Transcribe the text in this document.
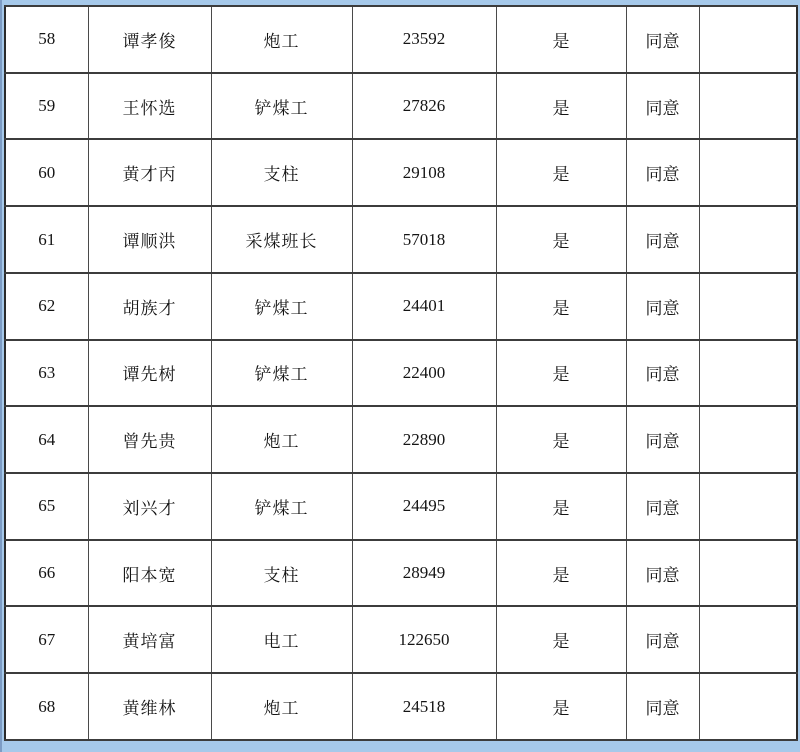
58	谭孝俊	炮工	23592	是	同意	
59	王怀选	铲煤工	27826	是	同意	
60	黄才丙	支柱	29108	是	同意	
61	谭顺洪	采煤班长	57018	是	同意	
62	胡族才	铲煤工	24401	是	同意	
63	谭先树	铲煤工	22400	是	同意	
64	曾先贵	炮工	22890	是	同意	
65	刘兴才	铲煤工	24495	是	同意	
66	阳本宽	支柱	28949	是	同意	
67	黄培富	电工	122650	是	同意	
68	黄维林	炮工	24518	是	同意	
